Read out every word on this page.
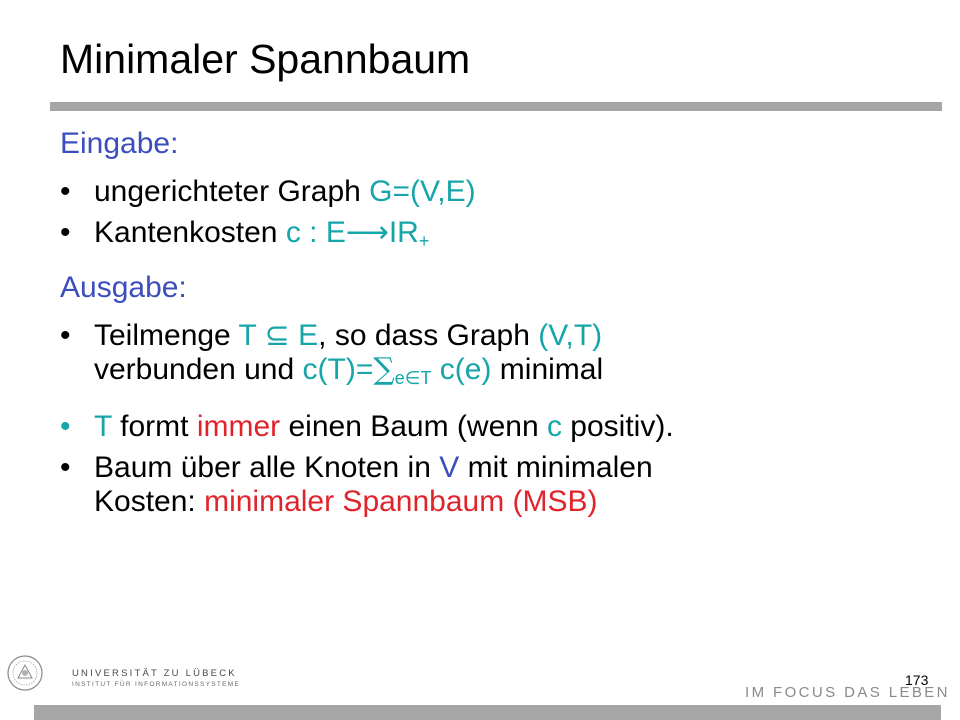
Minimaler Spannbaum
Eingabe:
• ungerichteter Graph G=(V,E)
• Kantenkosten c : $E⟶IR_+$
Ausgabe:
• Teilmenge T ⊆ E, so dass Graph (V,T)
verbunden und $c(T)=\sum_{e\in T}$ c(e) minimal
• T formt immer einen Baum (wenn c positiv).
• Baum über alle Knoten in V mit minimalen
Kosten: minimaler Spannbaum (MSB)
UNIVERSITÄT ZU LÜBECK
INSTITUT FÜR INFORMATIONSSYSTEME	IM FOCUS DAS LEBEN
173
